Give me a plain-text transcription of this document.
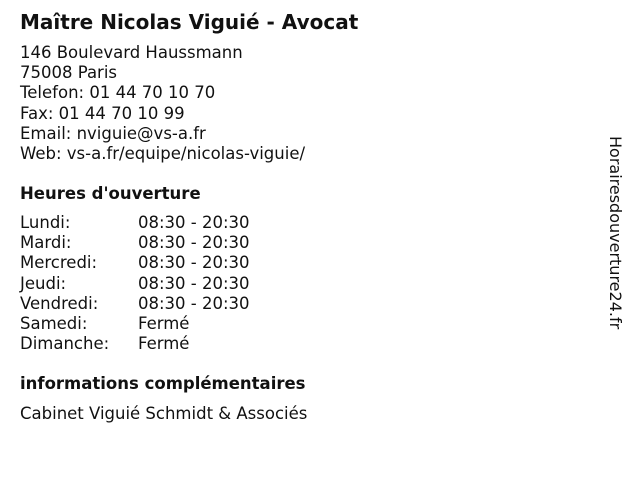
Maître Nicolas Viguié - Avocat
146 Boulevard Haussmann
75008 Paris
Telefon: 01 44 70 10 70
Fax: 01 44 70 10 99
Email: nviguie@vs-a.fr
Web: vs-a.fr/equipe/nicolas-viguie/
Heures d'ouverture
Lundi:	08:30 - 20:30
Mardi:	08:30 - 20:30
Mercredi: 08:30 - 20:30
Jeudi:	08:30 - 20:30
Vendredi: 08:30 - 20:30
Samedi:	Fermé
Dimanche: Fermé
informations complémentaires
Cabinet Viguié Schmidt & Associés
Horairesdouverture24.fr
